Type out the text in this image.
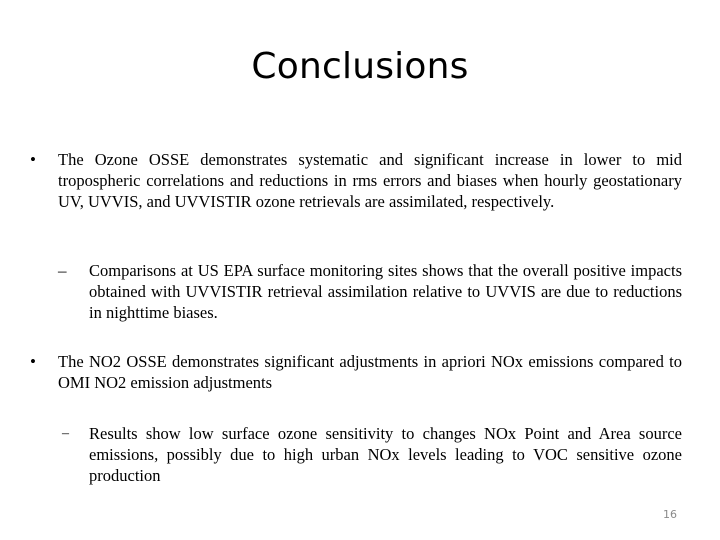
Conclusions
• The Ozone OSSE demonstrates systematic and significant increase in lower to mid tropospheric correlations and reductions in rms errors and biases when hourly geostationary UV, UVVIS, and UVVISTIR ozone retrievals are assimilated, respectively.
– Comparisons at US EPA surface monitoring sites shows that the overall positive impacts obtained with UVVISTIR retrieval assimilation relative to UVVIS are due to reductions in nighttime biases.
• The NO2 OSSE demonstrates significant adjustments in apriori NOx emissions compared to OMI NO2 emission adjustments
– Results show low surface ozone sensitivity to changes NOx Point and Area source emissions, possibly due to high urban NOx levels leading to VOC sensitive ozone production
16
